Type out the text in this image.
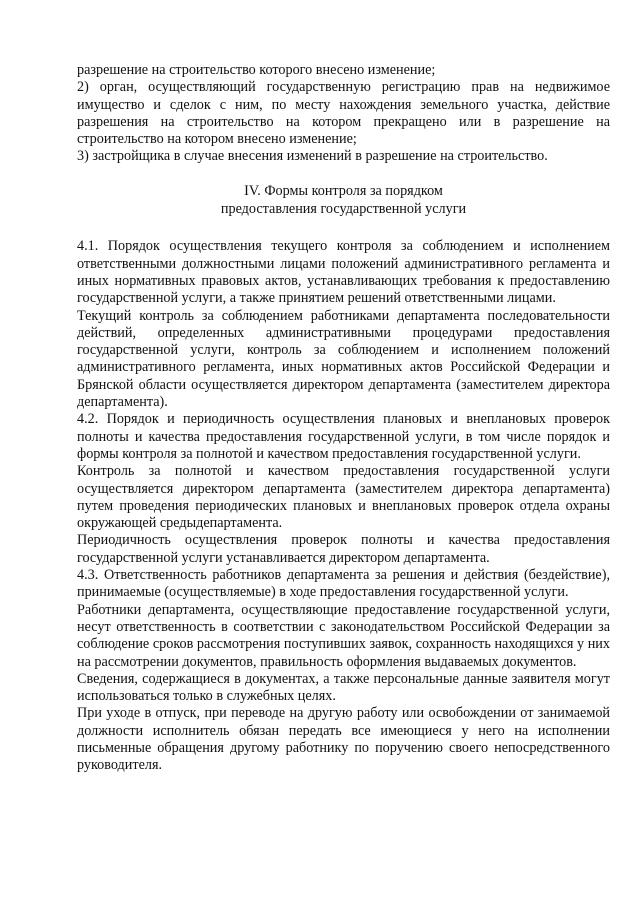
разрешение на строительство которого внесено изменение;

2) орган, осуществляющий государственную регистрацию прав на недвижимое имущество и сделок с ним, по месту нахождения земельного участка, действие разрешения на строительство на котором прекращено или в разрешение на строительство на котором внесено изменение;

3) застройщика в случае внесения изменений в разрешение на строительство.

IV. Формы контроля за порядком
предоставления государственной услуги

4.1. Порядок осуществления текущего контроля за соблюдением и исполнением ответственными должностными лицами положений административного регламента и иных нормативных правовых актов, устанавливающих требования к предоставлению государственной услуги, а также принятием решений ответственными лицами.

Текущий контроль за соблюдением работниками департамента последовательности действий, определенных административными процедурами предоставления государственной услуги, контроль за соблюдением и исполнением положений административного регламента, иных нормативных актов Российской Федерации и Брянской области осуществляется директором департамента (заместителем директора департамента).

4.2. Порядок и периодичность осуществления плановых и внеплановых проверок полноты и качества предоставления государственной услуги, в том числе порядок и формы контроля за полнотой и качеством предоставления государственной услуги.

Контроль за полнотой и качеством предоставления государственной услуги осуществляется директором департамента (заместителем директора департамента) путем проведения периодических плановых и внеплановых проверок отдела охраны окружающей средыдепартамента.

Периодичность осуществления проверок полноты и качества предоставления государственной услуги устанавливается директором департамента.

4.3. Ответственность работников департамента за решения и действия (бездействие), принимаемые (осуществляемые) в ходе предоставления государственной услуги.

Работники департамента, осуществляющие предоставление государственной услуги, несут ответственность в соответствии с законодательством Российской Федерации за соблюдение сроков рассмотрения поступивших заявок, сохранность находящихся у них на рассмотрении документов, правильность оформления выдаваемых документов.

Сведения, содержащиеся в документах, а также персональные данные заявителя могут использоваться только в служебных целях.

При уходе в отпуск, при переводе на другую работу или освобождении от занимаемой должности исполнитель обязан передать все имеющиеся у него на исполнении письменные обращения другому работнику по поручению своего непосредственного руководителя.
